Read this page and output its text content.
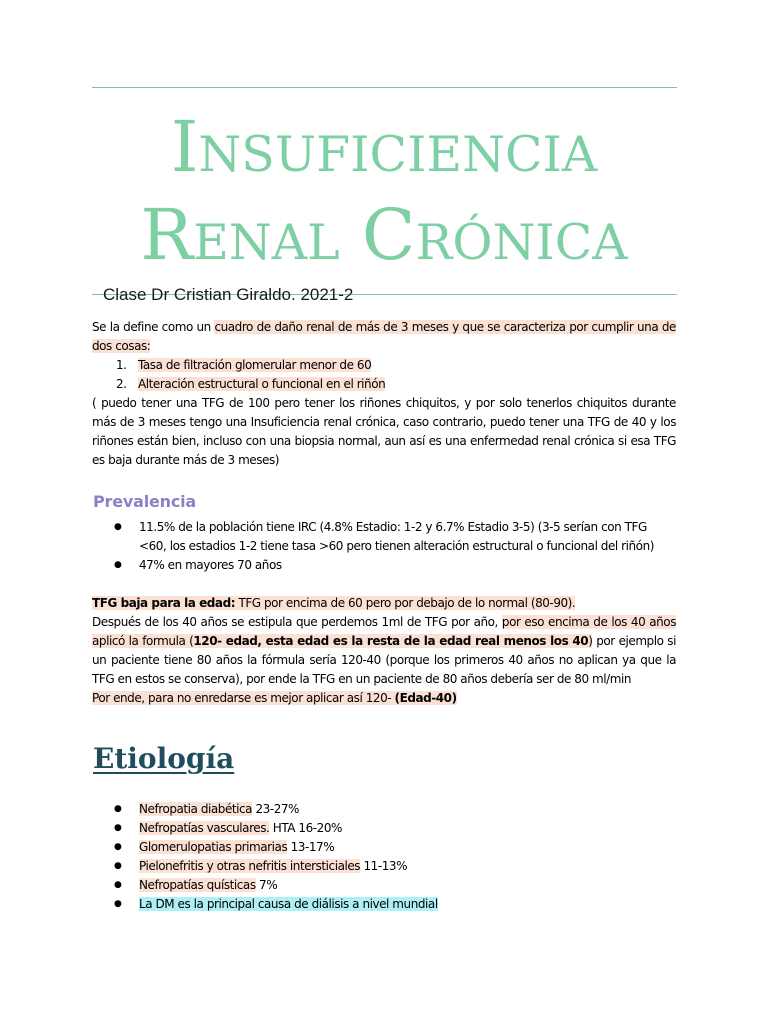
Insuficiencia
Renal Crónica
Clase Dr Cristian Giraldo. 2021-2
Se la define como un cuadro de daño renal de más de 3 meses y que se caracteriza por cumplir una de dos cosas:
1. Tasa de filtración glomerular menor de 60
2. Alteración estructural o funcional en el riñón
( puedo tener una TFG de 100 pero tener los riñones chiquitos, y por solo tenerlos chiquitos durante más de 3 meses tengo una Insuficiencia renal crónica, caso contrario, puedo tener una TFG de 40 y los riñones están bien, incluso con una biopsia normal, aun así es una enfermedad renal crónica si esa TFG es baja durante más de 3 meses)
Prevalencia
● 11.5% de la población tiene IRC (4.8% Estadio: 1-2 y 6.7% Estadio 3-5) (3-5 serían con TFG <60, los estadios 1-2 tiene tasa >60 pero tienen alteración estructural o funcional del riñón)
● 47% en mayores 70 años
TFG baja para la edad: TFG por encima de 60 pero por debajo de lo normal (80-90).
Después de los 40 años se estipula que perdemos 1ml de TFG por año, por eso encima de los 40 años aplicó la formula (120- edad, esta edad es la resta de la edad real menos los 40) por ejemplo si un paciente tiene 80 años la fórmula sería 120-40 (porque los primeros 40 años no aplican ya que la TFG en estos se conserva), por ende la TFG en un paciente de 80 años debería ser de 80 ml/min
Por ende, para no enredarse es mejor aplicar así 120- (Edad-40)
Etiología
● Nefropatia diabética 23-27%
● Nefropatías vasculares. HTA 16-20%
● Glomerulopatias primarias 13-17%
● Pielonefritis y otras nefritis intersticiales 11-13%
● Nefropatías quísticas 7%
● La DM es la principal causa de diálisis a nivel mundial
